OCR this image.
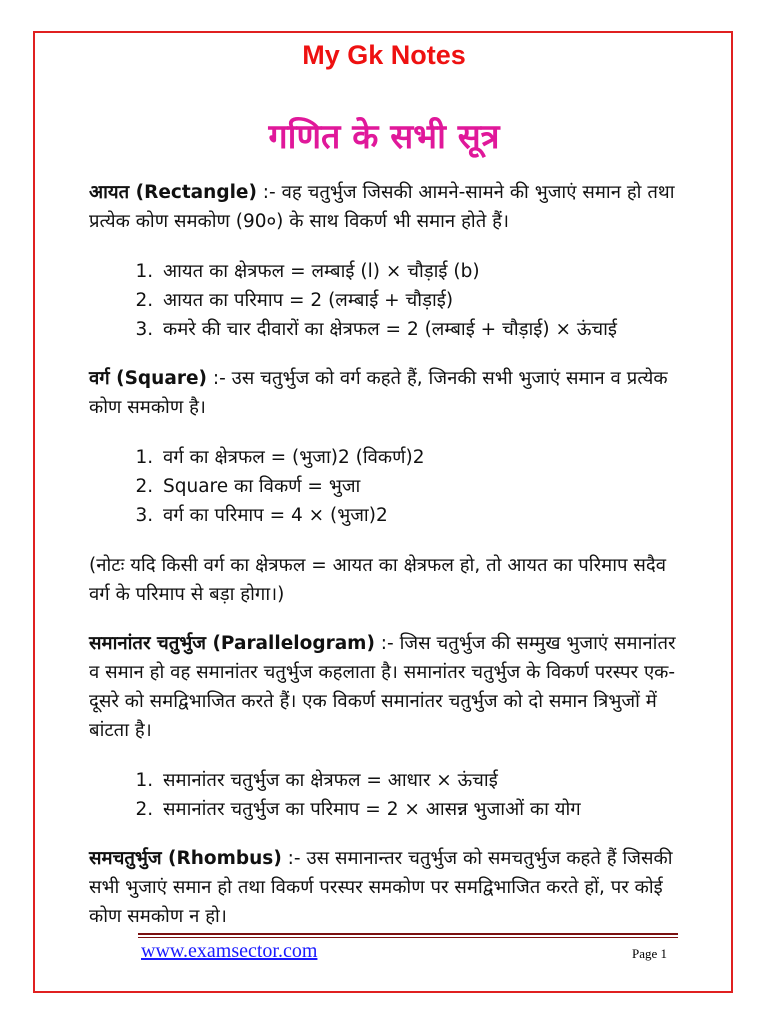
My Gk Notes
गणित के सभी सूत्र

आयत (Rectangle) :- वह चतुर्भुज जिसकी आमने-सामने की भुजाएं समान हो तथा प्रत्येक कोण समकोण (90०) के साथ विकर्ण भी समान होते हैं।

1. आयत का क्षेत्रफल = लम्बाई (l) × चौड़ाई (b)
2. आयत का परिमाप = 2 (लम्बाई + चौड़ाई)
3. कमरे की चार दीवारों का क्षेत्रफल = 2 (लम्बाई + चौड़ाई) × ऊंचाई

वर्ग (Square) :- उस चतुर्भुज को वर्ग कहते हैं, जिनकी सभी भुजाएं समान व प्रत्येक कोण समकोण है।

1. वर्ग का क्षेत्रफल = (भुजा)2 (विकर्ण)2
2. Square का विकर्ण = भुजा
3. वर्ग का परिमाप = 4 × (भुजा)2

(नोटः यदि किसी वर्ग का क्षेत्रफल = आयत का क्षेत्रफल हो, तो आयत का परिमाप सदैव वर्ग के परिमाप से बड़ा होगा।)

समानांतर चतुर्भुज (Parallelogram) :- जिस चतुर्भुज की सम्मुख भुजाएं समानांतर व समान हो वह समानांतर चतुर्भुज कहलाता है। समानांतर चतुर्भुज के विकर्ण परस्पर एक-दूसरे को समद्विभाजित करते हैं। एक विकर्ण समानांतर चतुर्भुज को दो समान त्रिभुजों में बांटता है।

1. समानांतर चतुर्भुज का क्षेत्रफल = आधार × ऊंचाई
2. समानांतर चतुर्भुज का परिमाप = 2 × आसन्न भुजाओं का योग

समचतुर्भुज (Rhombus) :- उस समानान्तर चतुर्भुज को समचतुर्भुज कहते हैं जिसकी सभी भुजाएं समान हो तथा विकर्ण परस्पर समकोण पर समद्विभाजित करते हों, पर कोई कोण समकोण न हो।

www.examsector.com	Page 1
